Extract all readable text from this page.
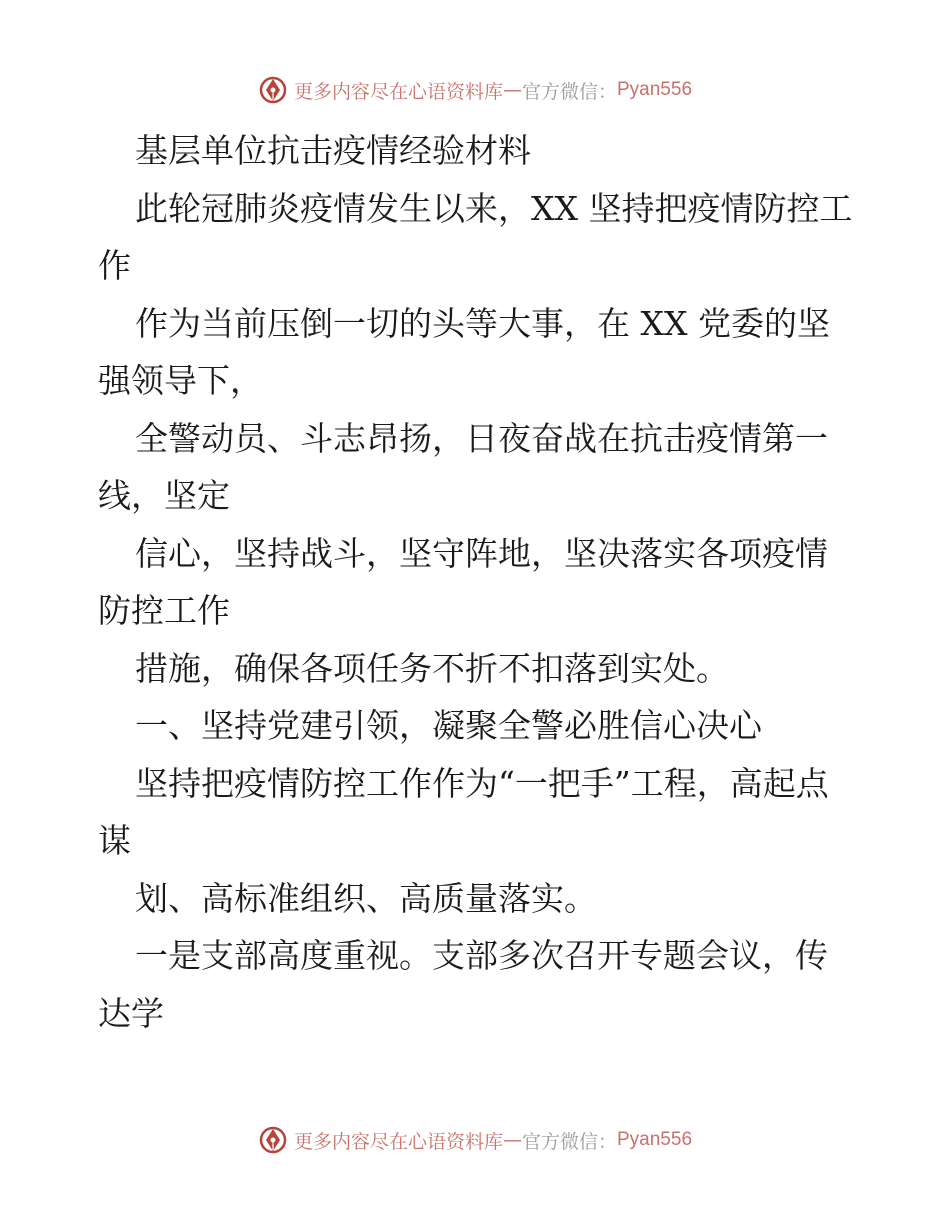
更多内容尽在心语资料库 — 官方微信： Pyan556

基层单位抗击疫情经验材料

此轮冠肺炎疫情发生以来，XX 坚持把疫情防控工作

作为当前压倒一切的头等大事，在 XX 党委的坚强领导下，

全警动员、斗志昂扬，日夜奋战在抗击疫情第一线，坚定

信心，坚持战斗，坚守阵地，坚决落实各项疫情防控工作

措施，确保各项任务不折不扣落到实处。

一、坚持党建引领，凝聚全警必胜信心决心

坚持把疫情防控工作作为“一把手”工程，高起点谋

划、高标准组织、高质量落实。

一是支部高度重视。支部多次召开专题会议，传达学

更多内容尽在心语资料库 — 官方微信： Pyan556
